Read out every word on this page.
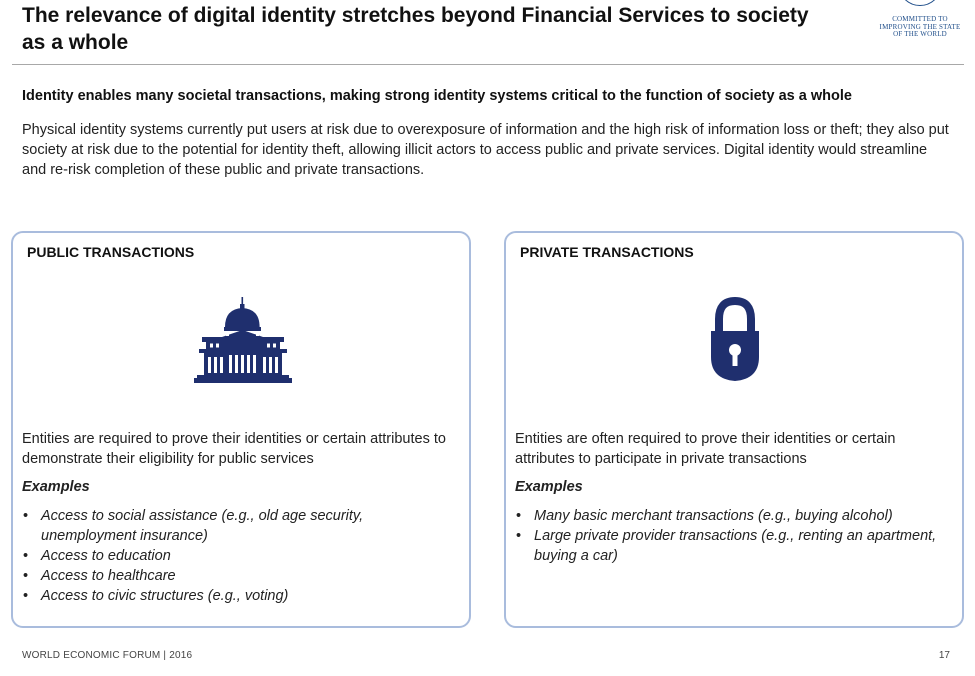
The relevance of digital identity stretches beyond Financial Services to society as a whole
COMMITTED TO
IMPROVING THE STATE
OF THE WORLD

Identity enables many societal transactions, making strong identity systems critical to the function of society as a whole

Physical identity systems currently put users at risk due to overexposure of information and the high risk of information loss or theft; they also put society at risk due to the potential for identity theft, allowing illicit actors to access public and private services. Digital identity would streamline and re-risk completion of these public and private transactions.

PUBLIC TRANSACTIONS
Entities are required to prove their identities or certain attributes to demonstrate their eligibility for public services
Examples
• Access to social assistance (e.g., old age security, unemployment insurance)
• Access to education
• Access to healthcare
• Access to civic structures (e.g., voting)
PRIVATE TRANSACTIONS
Entities are often required to prove their identities or certain attributes to participate in private transactions
Examples
• Many basic merchant transactions (e.g., buying alcohol)
• Large private provider transactions (e.g., renting an apartment, buying a car)
WORLD ECONOMIC FORUM | 2016	17
